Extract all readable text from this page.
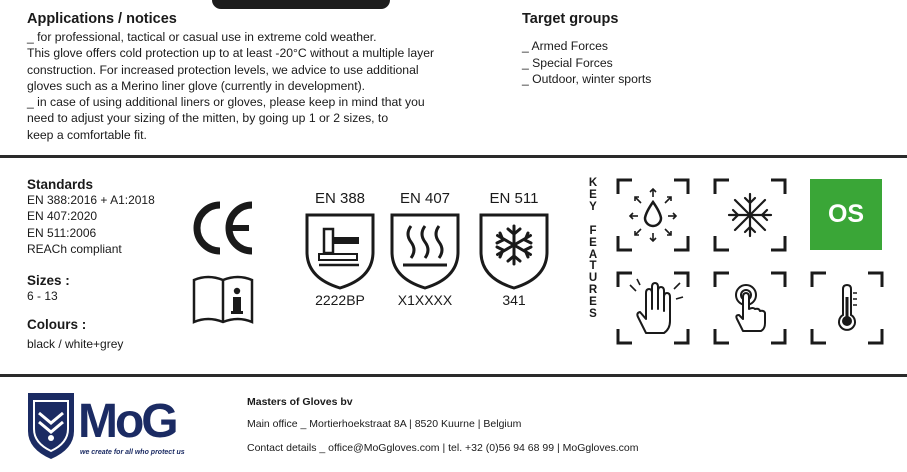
Applications / notices

_ for professional, tactical or casual use in extreme cold weather.

This glove offers cold protection up to at least -20°C without a multiple layer

construction. For increased protection levels, we advice to use additional

gloves such as a Merino liner glove (currently in development).

_ in case of using additional liners or gloves, please keep in mind that you

need to adjust your sizing of the mitten, by going up 1 or 2 sizes, to

keep a comfortable fit.

Target groups
_ Armed Forces
_ Special Forces
_ Outdoor, winter sports
Standards
EN 388:2016 + A1:2018
EN 407:2020
EN 511:2006
REACh compliant
Sizes :
6 - 13
Colours :
black / white+grey
EN 388
2222BP
EN 407
X1XXXX
EN 511
341
K
E
Y
F
E
A
T
U
R
E
S
OS
MoG
we create for all who protect us
Masters of Gloves bv
Main office _ Mortierhoekstraat 8A | 8520 Kuurne | Belgium
Contact details _ office@MoGgloves.com | tel. +32 (0)56 94 68 99 | MoGgloves.com
